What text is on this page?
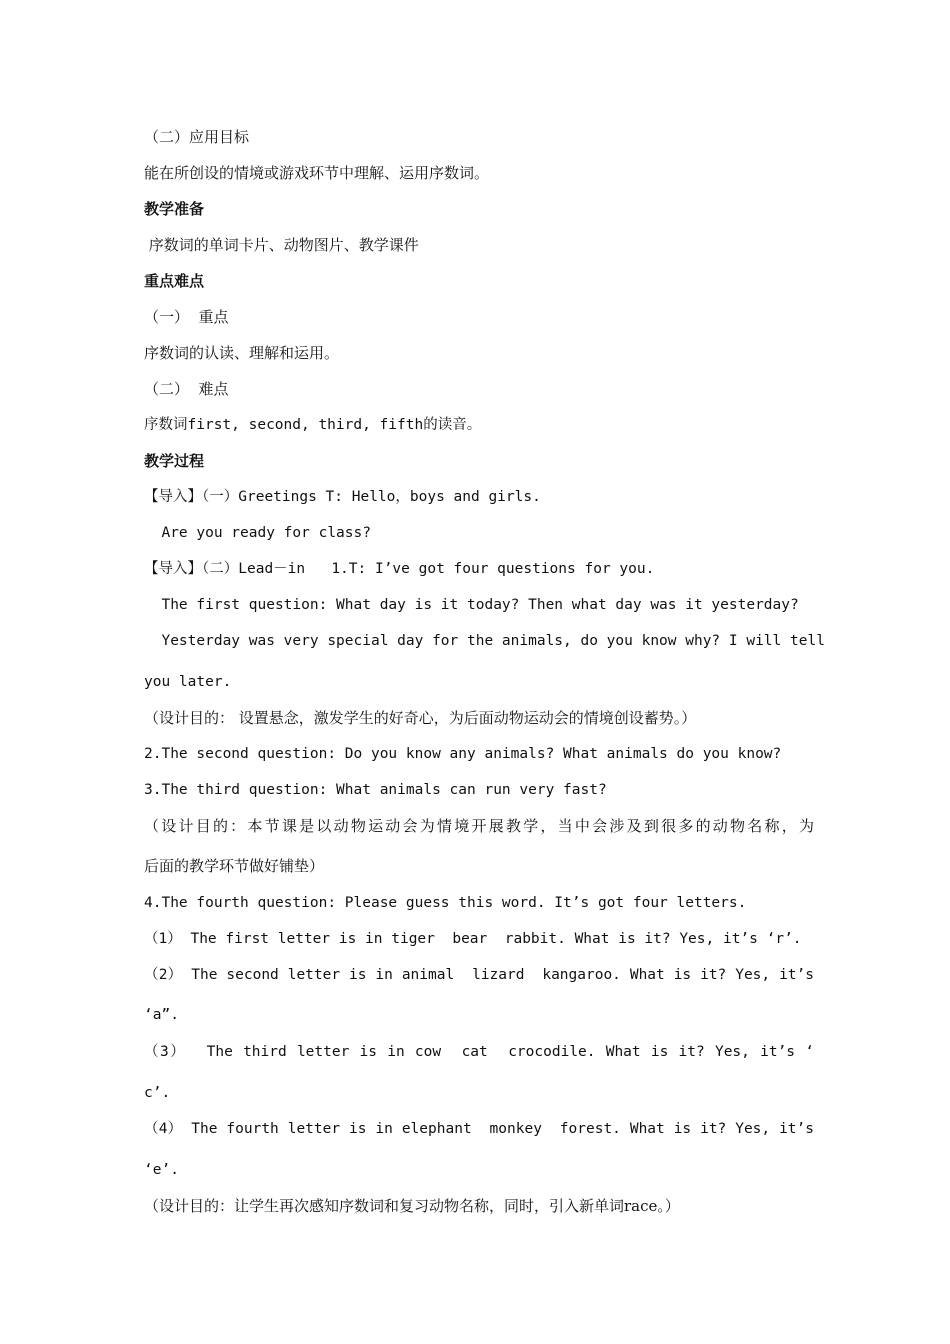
（二）应用目标
能在所创设的情境或游戏环节中理解、运用序数词。
教学准备
序数词的单词卡片、动物图片、教学课件
重点难点
（一）  重点
序数词的认读、理解和运用。
（二）  难点
序数词first, second, third, fifth的读音。
教学过程
【导入】（一）Greetings T: Hello，boys and girls.
Are you ready for class?
【导入】（二）Lead－in   1.T: I’ve got four questions for you.
The first question: What day is it today? Then what day was it yesterday?
Yesterday was very special day for the animals, do you know why? I will tell
you later.
（设计目的： 设置悬念，激发学生的好奇心，为后面动物运动会的情境创设蓄势。）
2.The second question: Do you know any animals? What animals do you know?
3.The third question: What animals can run very fast?
（设计目的：本节课是以动物运动会为情境开展教学，当中会涉及到很多的动物名称，为
后面的教学环节做好铺垫）
4.The fourth question: Please guess this word. It’s got four letters.
（1） The first letter is in tiger  bear  rabbit. What is it? Yes, it’s ‘r’.
（2） The second letter is in animal  lizard  kangaroo. What is it? Yes, it’s
‘a”.
（3）  The third letter is in cow  cat  crocodile. What is it? Yes, it’s ‘
c’.
（4） The fourth letter is in elephant  monkey  forest. What is it? Yes, it’s
‘e’.
（设计目的：让学生再次感知序数词和复习动物名称，同时，引入新单词race。）
